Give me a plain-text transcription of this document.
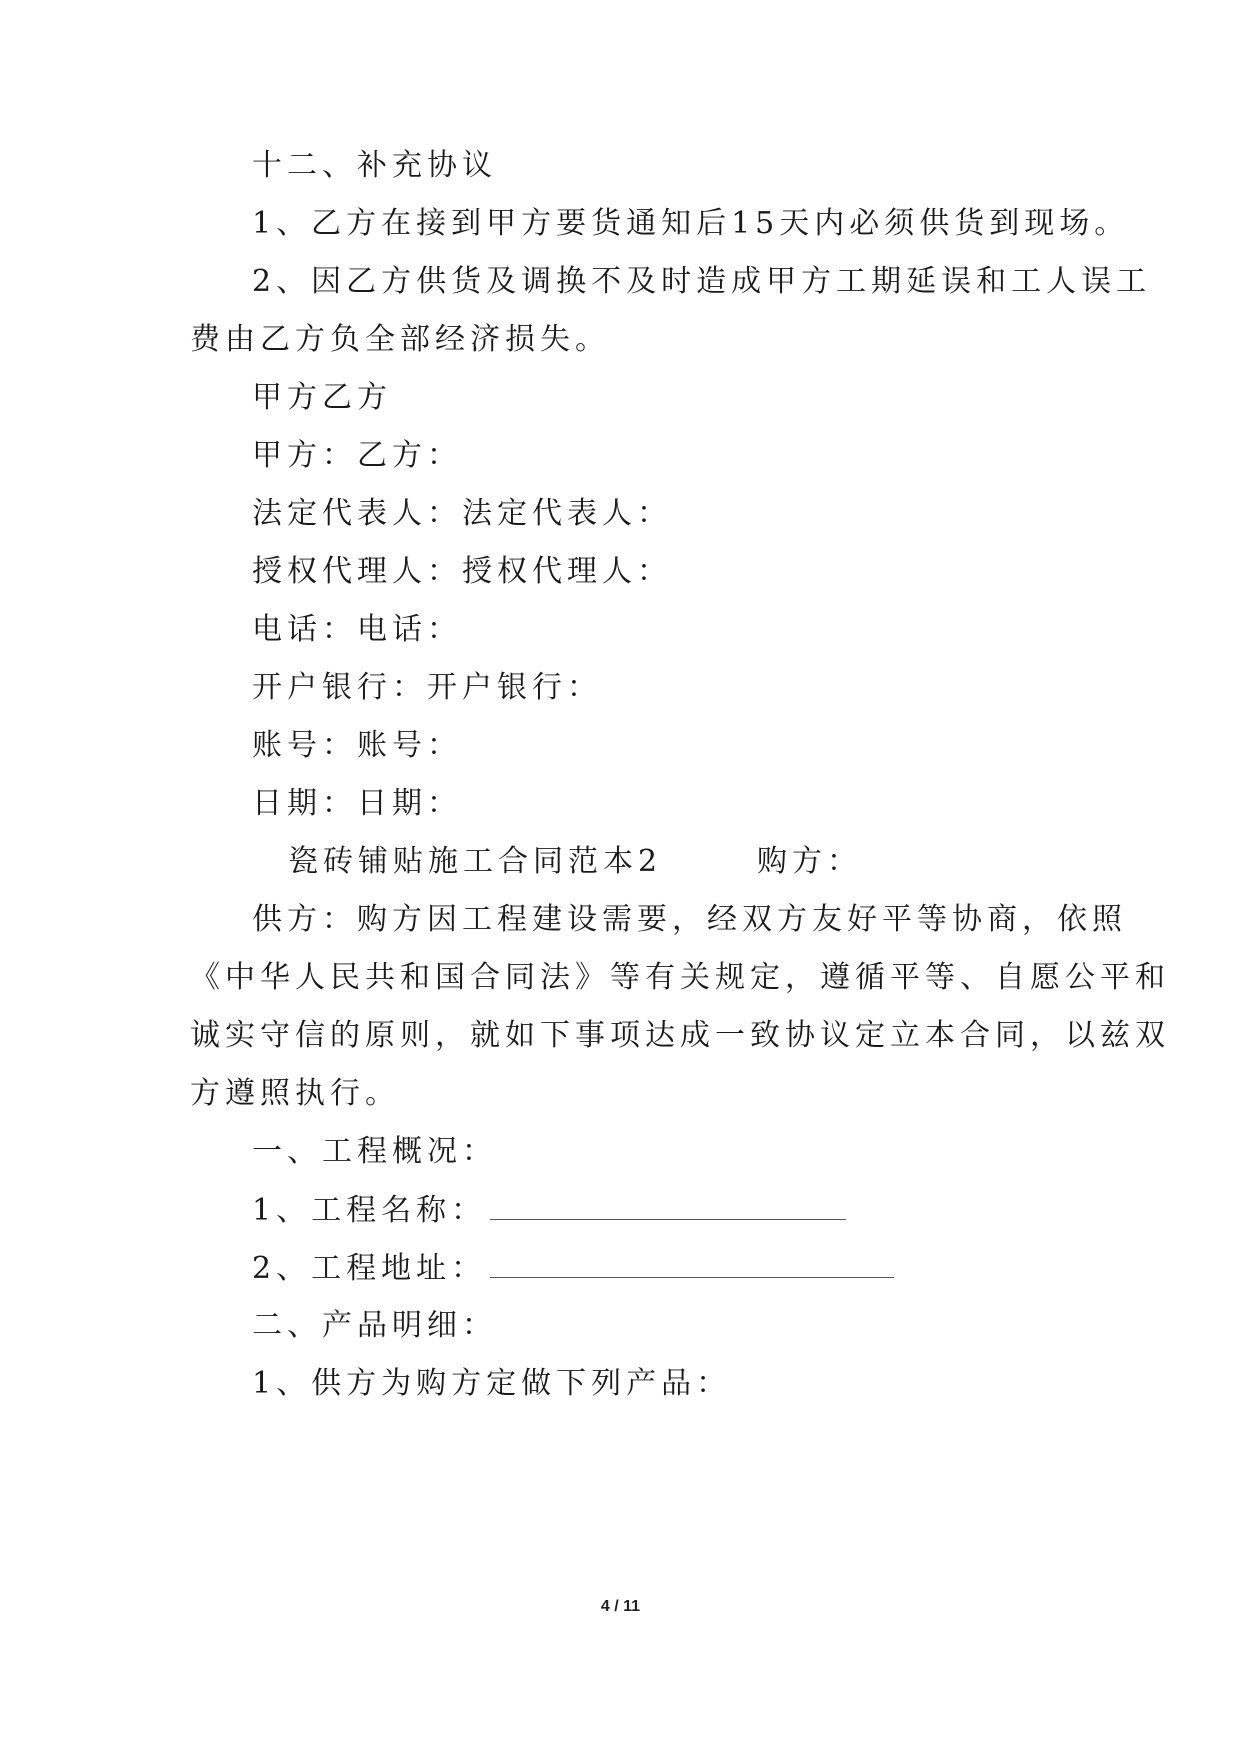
十二、补充协议
1、乙方在接到甲方要货通知后15天内必须供货到现场。
2、因乙方供货及调换不及时造成甲方工期延误和工人误工
费由乙方负全部经济损失。
甲方乙方
甲方：乙方：
法定代表人：法定代表人：
授权代理人：授权代理人：
电话：电话：
开户银行：开户银行：
账号：账号：
日期：日期：
瓷砖铺贴施工合同范本2	购方：
供方：购方因工程建设需要，经双方友好平等协商，依照
《中华人民共和国合同法》等有关规定，遵循平等、自愿公平和
诚实守信的原则，就如下事项达成一致协议定立本合同，以兹双
方遵照执行。
一、工程概况：
1、工程名称：
2、工程地址：
二、产品明细：
1、供方为购方定做下列产品：
4 / 11
